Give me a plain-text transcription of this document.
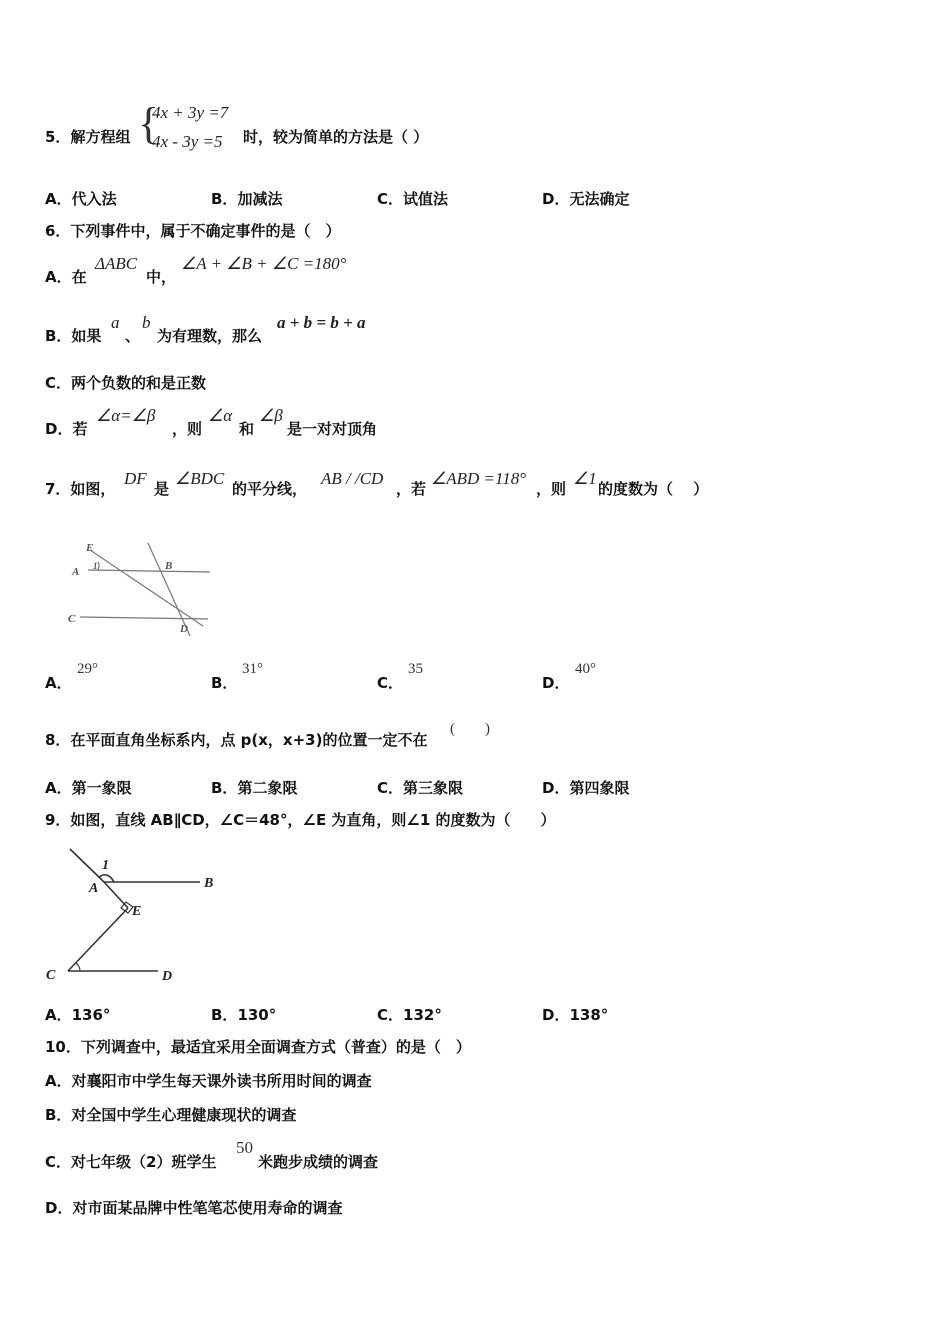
5．解方程组 {
4x + 3y =7
4x - 3y =5 时，较为简单的方法是（ ）
A．代入法	B．加减法	C．试值法	D．无法确定
6．下列事件中，属于不确定事件的是（　）
A．在
ΔABC
中，
∠A + ∠B + ∠C =180°
B．如果
a
、
b
为有理数，那么
a + b = b + a
C．两个负数的和是正数
D．若
∠α=∠β
，则
∠α
和
∠β
是一对对顶角
7．如图，
DF
是
∠BDC
的平分线，
AB / /CD
，若
∠ABD =118°
，则
∠1
的度数为（　 ）
E
A 1	B
C
D
A．
29°
B．
31°
C．
35
D．
40°
8．在平面直角坐标系内，点 p(x，x+3)的位置一定不在
(　　)
A．第一象限	B．第二象限	C．第三象限	D．第四象限
9．如图，直线 AB∥CD，∠C＝48°，∠E 为直角，则∠1 的度数为（　　）
1
A	B
E
C	D
A．136°	B．130°	C．132°	D．138°
10．下列调查中，最适宜采用全面调查方式（普查）的是（　）
A．对襄阳市中学生每天课外读书所用时间的调查
B．对全国中学生心理健康现状的调查
C．对七年级（2）班学生
50
米跑步成绩的调查
D．对市面某品牌中性笔笔芯使用寿命的调查
